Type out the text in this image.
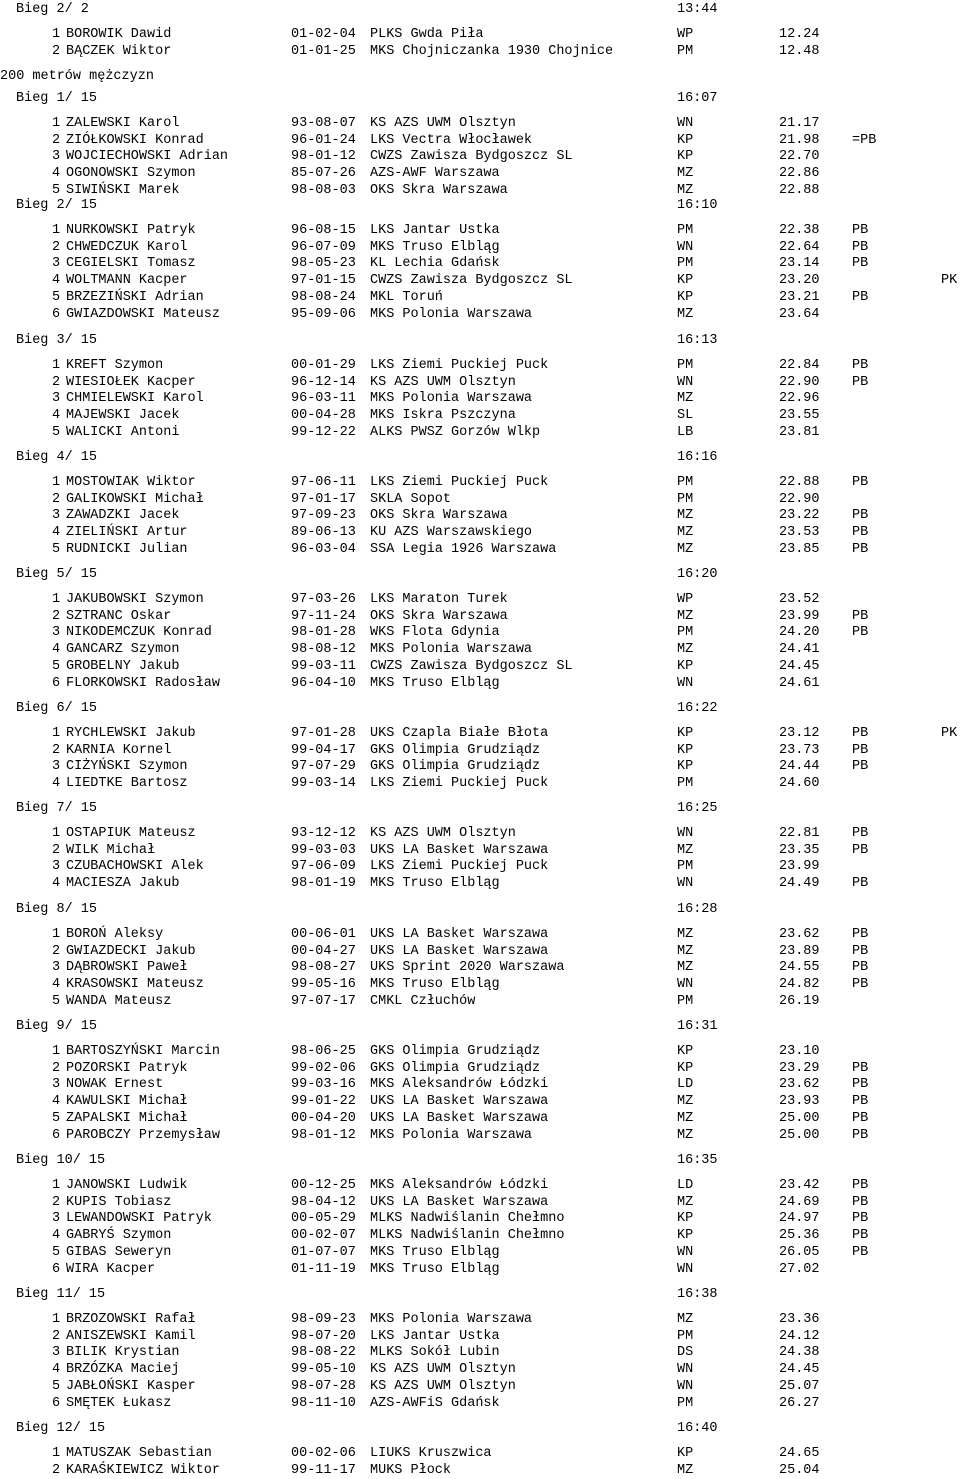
Bieg 2/ 2	13:44
1 BOROWIK Dawid	01-02-04 PLKS Gwda Piła	WP	12.24
2 BĄCZEK Wiktor	01-01-25 MKS Chojniczanka 1930 Chojnice	PM	12.48
200 metrów mężczyzn
Bieg 1/ 15	16:07
1 ZALEWSKI Karol	93-08-07 KS AZS UWM Olsztyn	WN	21.17
2 ZIÓŁKOWSKI Konrad	96-01-24 LKS Vectra Włocławek	KP	21.98 =PB
3 WOJCIECHOWSKI Adrian	98-01-12 CWZS Zawisza Bydgoszcz SL	KP	22.70
4 OGONOWSKI Szymon	85-07-26 AZS-AWF Warszawa	MZ	22.86
5 SIWIŃSKI Marek	98-08-03 OKS Skra Warszawa	MZ	22.88
Bieg 2/ 15	16:10
1 NURKOWSKI Patryk	96-08-15 LKS Jantar Ustka	PM	22.38 PB
2 CHWEDCZUK Karol	96-07-09 MKS Truso Elbląg	WN	22.64 PB
3 CEGIELSKI Tomasz	98-05-23 KL Lechia Gdańsk	PM	23.14 PB
4 WOLTMANN Kacper	97-01-15 CWZS Zawisza Bydgoszcz SL	KP	23.20	PK
5 BRZEZIŃSKI Adrian	98-08-24 MKL Toruń	KP	23.21 PB
6 GWIAZDOWSKI Mateusz	95-09-06 MKS Polonia Warszawa	MZ	23.64
Bieg 3/ 15	16:13
1 KREFT Szymon	00-01-29 LKS Ziemi Puckiej Puck	PM	22.84 PB
2 WIESIOŁEK Kacper	96-12-14 KS AZS UWM Olsztyn	WN	22.90 PB
3 CHMIELEWSKI Karol	96-03-11 MKS Polonia Warszawa	MZ	22.96
4 MAJEWSKI Jacek	00-04-28 MKS Iskra Pszczyna	SL	23.55
5 WALICKI Antoni	99-12-22 ALKS PWSZ Gorzów Wlkp	LB	23.81
Bieg 4/ 15	16:16
1 MOSTOWIAK Wiktor	97-06-11 LKS Ziemi Puckiej Puck	PM	22.88 PB
2 GALIKOWSKI Michał	97-01-17 SKLA Sopot	PM	22.90
3 ZAWADZKI Jacek	97-09-23 OKS Skra Warszawa	MZ	23.22 PB
4 ZIELIŃSKI Artur	89-06-13 KU AZS Warszawskiego	MZ	23.53 PB
5 RUDNICKI Julian	96-03-04 SSA Legia 1926 Warszawa	MZ	23.85 PB
Bieg 5/ 15	16:20
1 JAKUBOWSKI Szymon	97-03-26 LKS Maraton Turek	WP	23.52
2 SZTRANC Oskar	97-11-24 OKS Skra Warszawa	MZ	23.99 PB
3 NIKODEMCZUK Konrad	98-01-28 WKS Flota Gdynia	PM	24.20 PB
4 GANCARZ Szymon	98-08-12 MKS Polonia Warszawa	MZ	24.41
5 GROBELNY Jakub	99-03-11 CWZS Zawisza Bydgoszcz SL	KP	24.45
6 FLORKOWSKI Radosław	96-04-10 MKS Truso Elbląg	WN	24.61
Bieg 6/ 15	16:22
1 RYCHLEWSKI Jakub	97-01-28 UKS Czapla Białe Błota	KP	23.12 PB	PK
2 KARNIA Kornel	99-04-17 GKS Olimpia Grudziądz	KP	23.73 PB
3 CIŻYŃSKI Szymon	97-07-29 GKS Olimpia Grudziądz	KP	24.44 PB
4 LIEDTKE Bartosz	99-03-14 LKS Ziemi Puckiej Puck	PM	24.60
Bieg 7/ 15	16:25
1 OSTAPIUK Mateusz	93-12-12 KS AZS UWM Olsztyn	WN	22.81 PB
2 WILK Michał	99-03-03 UKS LA Basket Warszawa	MZ	23.35 PB
3 CZUBACHOWSKI Alek	97-06-09 LKS Ziemi Puckiej Puck	PM	23.99
4 MACIESZA Jakub	98-01-19 MKS Truso Elbląg	WN	24.49 PB
Bieg 8/ 15	16:28
1 BOROŃ Aleksy	00-06-01 UKS LA Basket Warszawa	MZ	23.62 PB
2 GWIAZDECKI Jakub	00-04-27 UKS LA Basket Warszawa	MZ	23.89 PB
3 DĄBROWSKI Paweł	98-08-27 UKS Sprint 2020 Warszawa	MZ	24.55 PB
4 KRASOWSKI Mateusz	99-05-16 MKS Truso Elbląg	WN	24.82 PB
5 WANDA Mateusz	97-07-17 CMKL Człuchów	PM	26.19
Bieg 9/ 15	16:31
1 BARTOSZYŃSKI Marcin	98-06-25 GKS Olimpia Grudziądz	KP	23.10
2 POZORSKI Patryk	99-02-06 GKS Olimpia Grudziądz	KP	23.29 PB
3 NOWAK Ernest	99-03-16 MKS Aleksandrów Łódzki	LD	23.62 PB
4 KAWULSKI Michał	99-01-22 UKS LA Basket Warszawa	MZ	23.93 PB
5 ZAPALSKI Michał	00-04-20 UKS LA Basket Warszawa	MZ	25.00 PB
6 PAROBCZY Przemysław	98-01-12 MKS Polonia Warszawa	MZ	25.00 PB
Bieg 10/ 15	16:35
1 JANOWSKI Ludwik	00-12-25 MKS Aleksandrów Łódzki	LD	23.42 PB
2 KUPIS Tobiasz	98-04-12 UKS LA Basket Warszawa	MZ	24.69 PB
3 LEWANDOWSKI Patryk	00-05-29 MLKS Nadwiślanin Chełmno	KP	24.97 PB
4 GABRYŚ Szymon	00-02-07 MLKS Nadwiślanin Chełmno	KP	25.36 PB
5 GIBAS Seweryn	01-07-07 MKS Truso Elbląg	WN	26.05 PB
6 WIRA Kacper	01-11-19 MKS Truso Elbląg	WN	27.02
Bieg 11/ 15	16:38
1 BRZOZOWSKI Rafał	98-09-23 MKS Polonia Warszawa	MZ	23.36
2 ANISZEWSKI Kamil	98-07-20 LKS Jantar Ustka	PM	24.12
3 BILIK Krystian	98-08-22 MLKS Sokół Lubin	DS	24.38
4 BRZÓZKA Maciej	99-05-10 KS AZS UWM Olsztyn	WN	24.45
5 JABŁOŃSKI Kasper	98-07-28 KS AZS UWM Olsztyn	WN	25.07
6 SMĘTEK Łukasz	98-11-10 AZS-AWFiS Gdańsk	PM	26.27
Bieg 12/ 15	16:40
1 MATUSZAK Sebastian	00-02-06 LIUKS Kruszwica	KP	24.65
2 KARAŚKIEWICZ Wiktor	99-11-17 MUKS Płock	MZ	25.04
